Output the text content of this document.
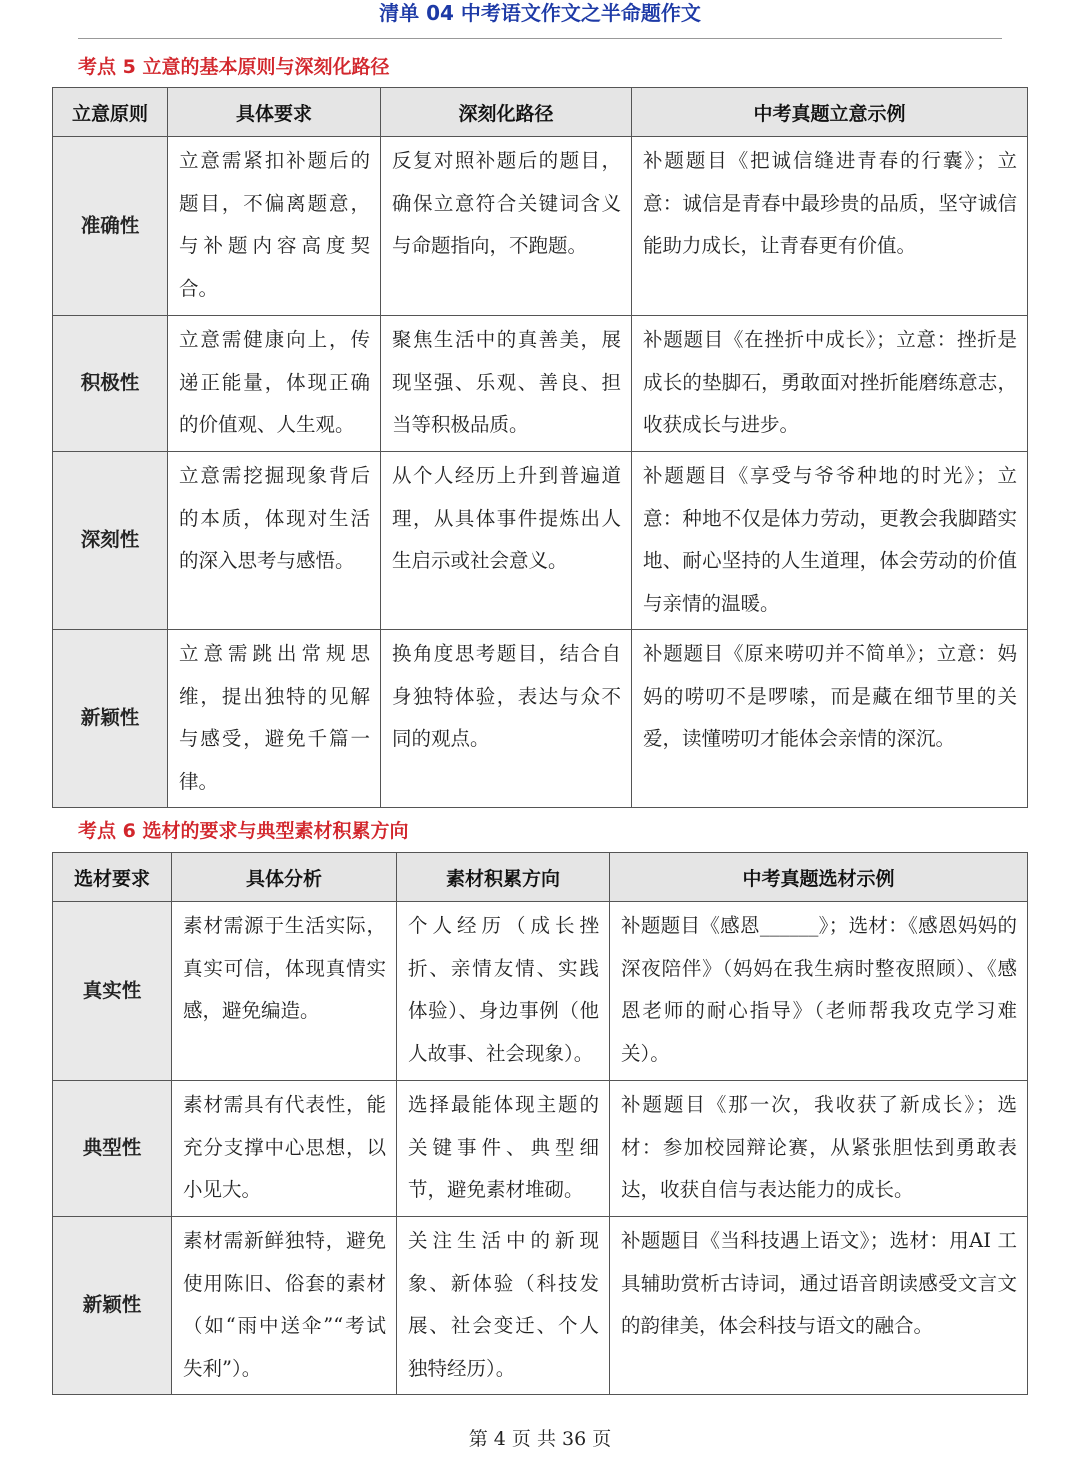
清单 04 中考语文作文之半命题作文
考点 5 立意的基本原则与深刻化路径
立意原则	具体要求	深刻化路径	中考真题立意示例
准确性	立意需紧扣补题后的题目，不偏离题意，与补题内容高度契合。	反复对照补题后的题目，确保立意符合关键词含义与命题指向，不跑题。	补题题目《把诚信缝进青春的行囊》；立意：诚信是青春中最珍贵的品质，坚守诚信能助力成长，让青春更有价值。
积极性	立意需健康向上，传递正能量，体现正确的价值观、人生观。	聚焦生活中的真善美，展现坚强、乐观、善良、担当等积极品质。	补题题目《在挫折中成长》；立意：挫折是成长的垫脚石，勇敢面对挫折能磨练意志，收获成长与进步。
深刻性	立意需挖掘现象背后的本质，体现对生活的深入思考与感悟。	从个人经历上升到普遍道理，从具体事件提炼出人生启示或社会意义。	补题题目《享受与爷爷种地的时光》；立意：种地不仅是体力劳动，更教会我脚踏实地、耐心坚持的人生道理，体会劳动的价值与亲情的温暖。
新颖性	立意需跳出常规思维，提出独特的见解与感受，避免千篇一律。	换角度思考题目，结合自身独特体验，表达与众不同的观点。	补题题目《原来唠叨并不简单》；立意：妈妈的唠叨不是啰嗦，而是藏在细节里的关爱，读懂唠叨才能体会亲情的深沉。
考点 6 选材的要求与典型素材积累方向
选材要求	具体分析	素材积累方向	中考真题选材示例
真实性	素材需源于生活实际，真实可信，体现真情实感，避免编造。	个人经历（成长挫折、亲情友情、实践体验）、身边事例（他人故事、社会现象）。	补题题目《感恩______》；选材：《感恩妈妈的深夜陪伴》（妈妈在我生病时整夜照顾）、《感恩老师的耐心指导》（老师帮我攻克学习难关）。
典型性	素材需具有代表性，能充分支撑中心思想，以小见大。	选择最能体现主题的关键事件、典型细节，避免素材堆砌。	补题题目《那一次，我收获了新成长》；选材：参加校园辩论赛，从紧张胆怯到勇敢表达，收获自信与表达能力的成长。
新颖性	素材需新鲜独特，避免使用陈旧、俗套的素材（如“雨中送伞”“考试失利”）。	关注生活中的新现象、新体验（科技发展、社会变迁、个人独特经历）。	补题题目《当科技遇上语文》；选材：用AI 工具辅助赏析古诗词，通过语音朗读感受文言文的韵律美，体会科技与语文的融合。
第 4 页 共 36 页
